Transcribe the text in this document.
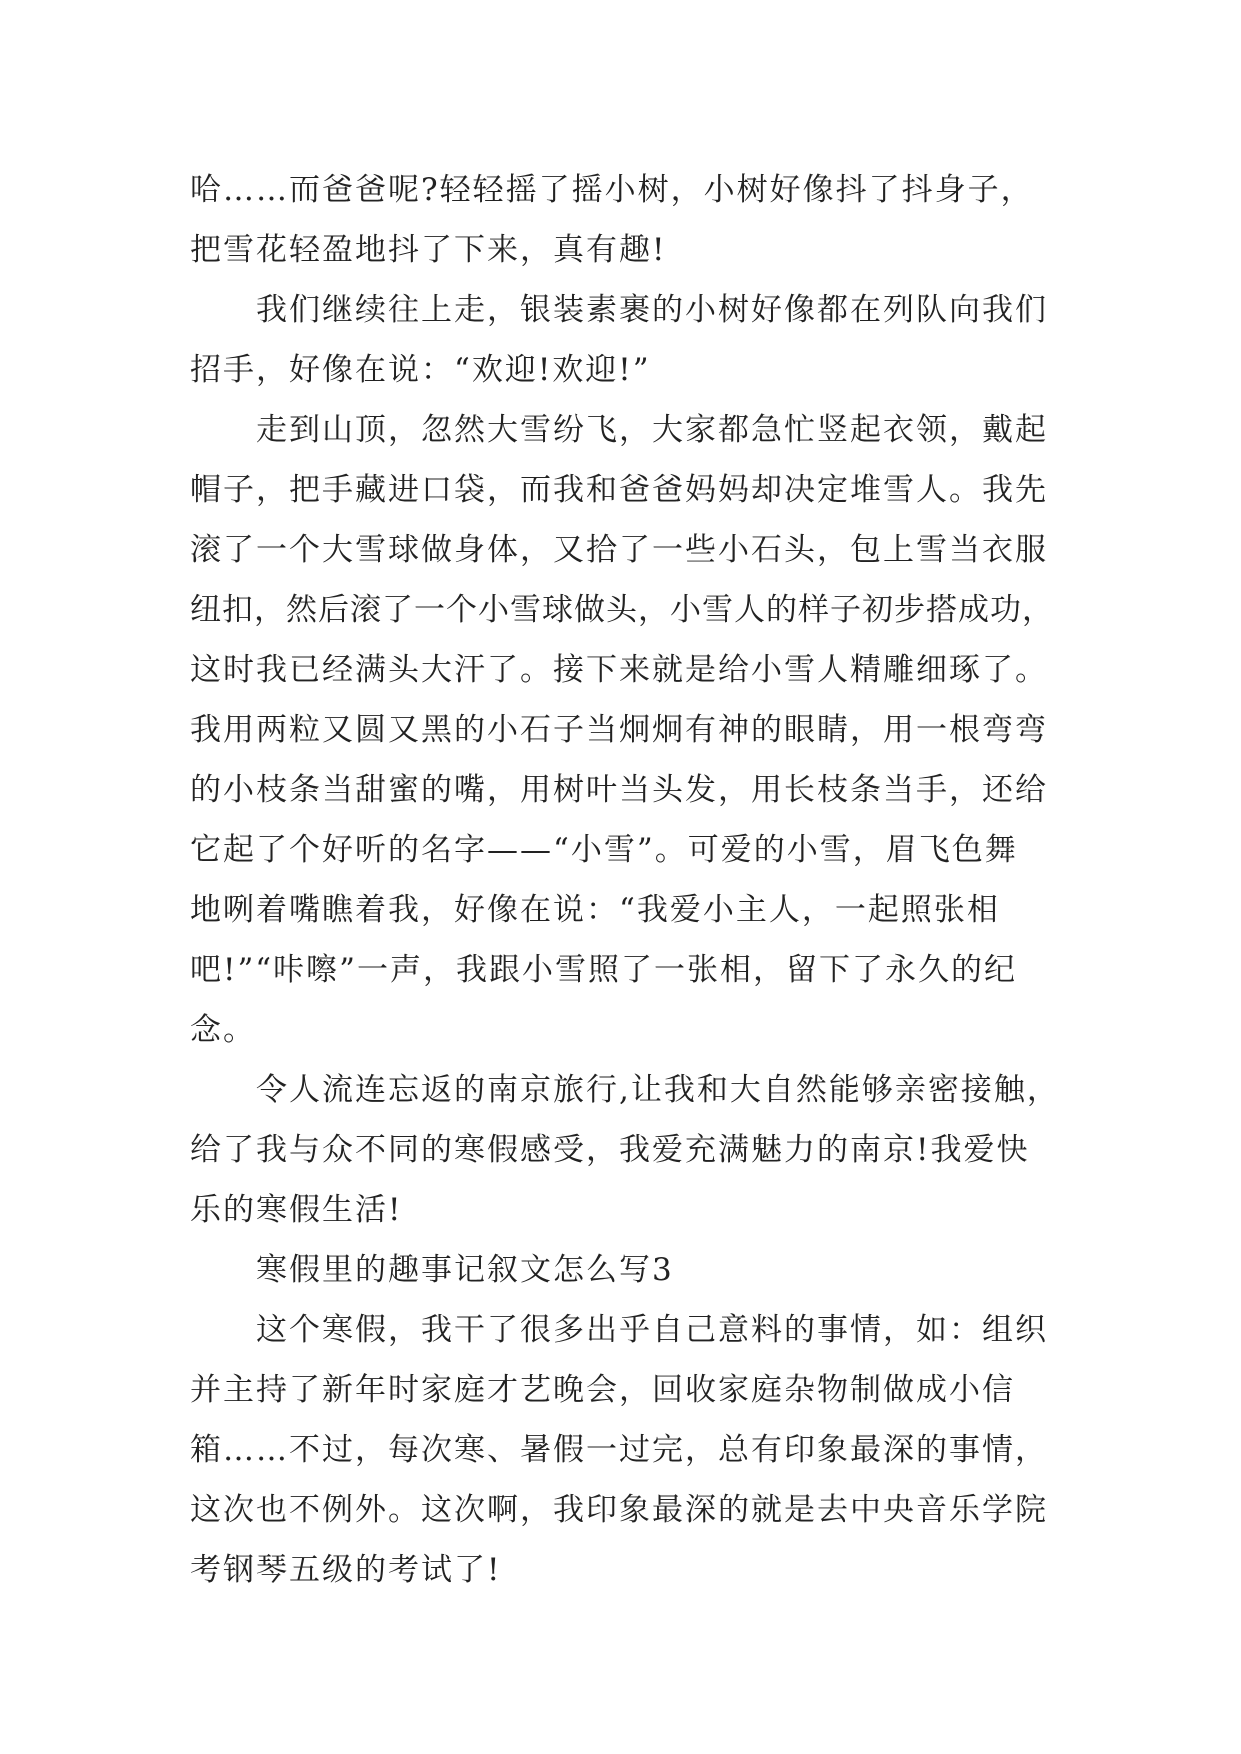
哈……而爸爸呢?轻轻摇了摇小树，小树好像抖了抖身子，
把雪花轻盈地抖了下来，真有趣!
我们继续往上走，银装素裹的小树好像都在列队向我们
招手，好像在说：“欢迎!欢迎!”
走到山顶，忽然大雪纷飞，大家都急忙竖起衣领，戴起
帽子，把手藏进口袋，而我和爸爸妈妈却决定堆雪人。我先
滚了一个大雪球做身体，又拾了一些小石头，包上雪当衣服
纽扣，然后滚了一个小雪球做头，小雪人的样子初步搭成功，
这时我已经满头大汗了。接下来就是给小雪人精雕细琢了。
我用两粒又圆又黑的小石子当炯炯有神的眼睛，用一根弯弯
的小枝条当甜蜜的嘴，用树叶当头发，用长枝条当手，还给
它起了个好听的名字——“小雪”。可爱的小雪，眉飞色舞
地咧着嘴瞧着我，好像在说：“我爱小主人，一起照张相
吧!”“咔嚓”一声，我跟小雪照了一张相，留下了永久的纪
念。
令人流连忘返的南京旅行,让我和大自然能够亲密接触，
给了我与众不同的寒假感受，我爱充满魅力的南京!我爱快
乐的寒假生活!
寒假里的趣事记叙文怎么写3
这个寒假，我干了很多出乎自己意料的事情，如：组织
并主持了新年时家庭才艺晚会，回收家庭杂物制做成小信
箱……不过，每次寒、暑假一过完，总有印象最深的事情，
这次也不例外。这次啊，我印象最深的就是去中央音乐学院
考钢琴五级的考试了!
